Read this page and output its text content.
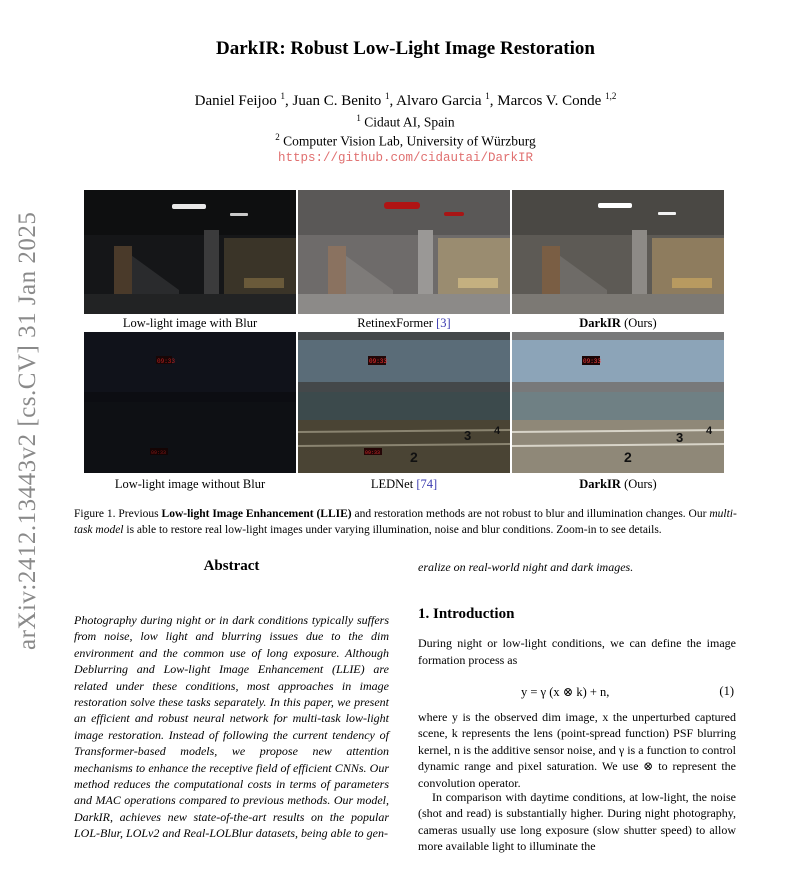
DarkIR: Robust Low-Light Image Restoration
Daniel Feijoo $^1$, Juan C. Benito $^1$, Alvaro Garcia $^1$, Marcos V. Conde $^{1,2}$
$^1$ Cidaut AI, Spain
$^2$ Computer Vision Lab, University of Würzburg
https://github.com/cidautai/DarkIR
arXiv:2412.13443v2 [cs.CV] 31 Jan 2025	Low-light image with Blur	RetinexFormer [3]	DarkIR (Ours)
09:33
09:33
09:33
2
3 4
09:33
09:33
2
3 4
Low-light image without Blur	LEDNet [74]	DarkIR (Ours)
Figure 1. Previous Low-light Image Enhancement (LLIE) and restoration methods are not robust to blur and illumination changes. Our multi-task model is able to restore real low-light images under varying illumination, noise and blur conditions. Zoom-in to see details.
Abstract
Photography during night or in dark conditions typically suffers from noise, low light and blurring issues due to the dim environment and the common use of long exposure. Although Deblurring and Low-light Image Enhancement (LLIE) are related under these conditions, most approaches in image restoration solve these tasks separately. In this paper, we present an efficient and robust neural network for multi-task low-light image restoration. Instead of following the current tendency of Transformer-based models, we propose new attention mechanisms to enhance the receptive field of efficient CNNs. Our method reduces the computational costs in terms of parameters and MAC operations compared to previous methods. Our model, DarkIR, achieves new state-of-the-art results on the popular LOL-Blur, LOLv2 and Real-LOLBlur datasets, being able to gen-
eralize on real-world night and dark images.
1. Introduction
During night or low-light conditions, we can define the image formation process as
y = γ (x ⊗ k) + n,	(1)
where y is the observed dim image, x the unperturbed captured scene, k represents the lens (point-spread function) PSF blurring kernel, n is the additive sensor noise, and γ is a function to control dynamic range and pixel saturation. We use ⊗ to represent the convolution operator.
In comparison with daytime conditions, at low-light, the noise (shot and read) is substantially higher. During night photography, cameras usually use long exposure (slow shutter speed) to allow more available light to illuminate the
